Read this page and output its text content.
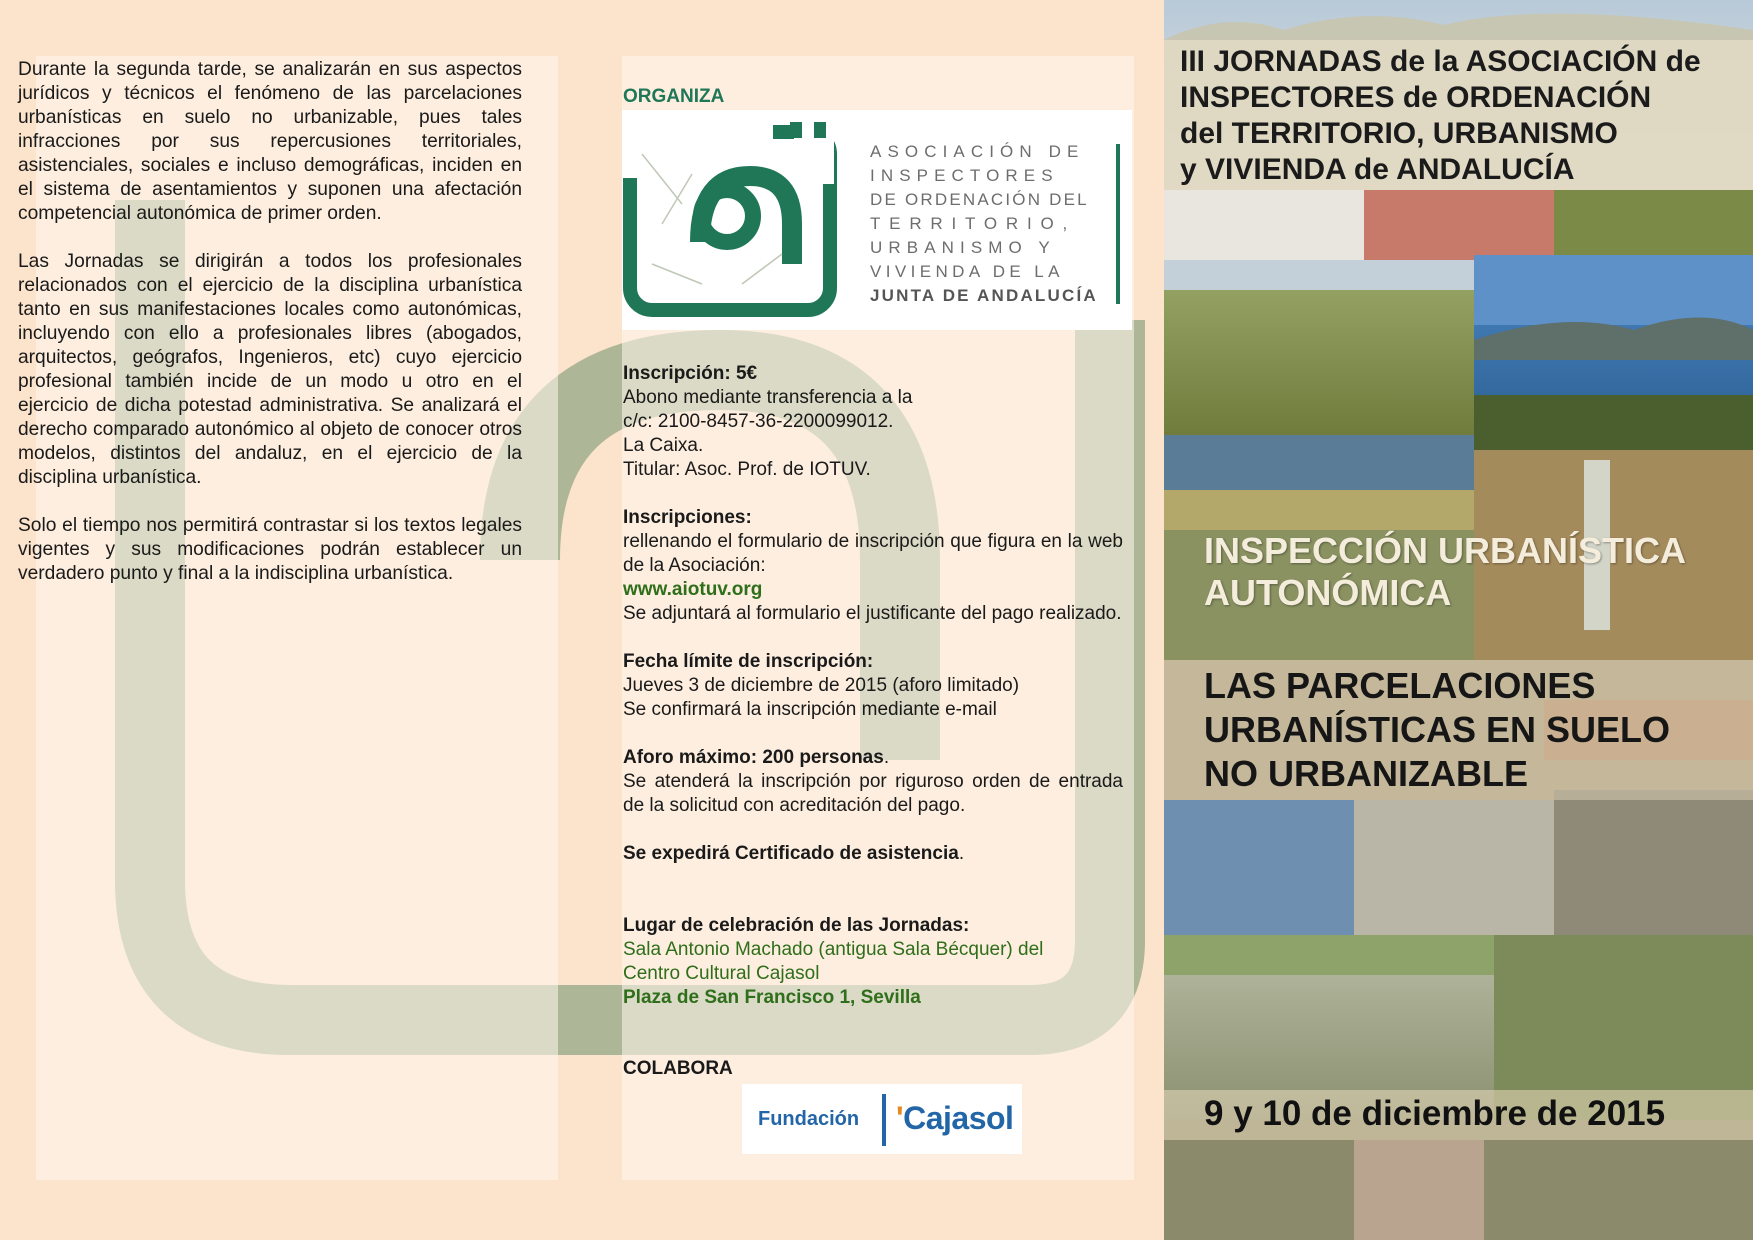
Durante la segunda tarde, se analizarán en sus aspectos jurídicos y técnicos el fenómeno de las parcelaciones urbanísticas en suelo no urbanizable, pues tales infracciones por sus repercusiones territoriales, asistenciales, sociales e incluso demográficas, inciden en el sistema de asentamientos y suponen una afectación competencial autonómica de primer orden.

Las Jornadas se dirigirán a todos los profesionales relacionados con el ejercicio de la disciplina urbanística tanto en sus manifestaciones locales como autonómicas, incluyendo con ello a profesionales libres (abogados, arquitectos, geógrafos, Ingenieros, etc) cuyo ejercicio profesional también incide de un modo u otro en el ejercicio de dicha potestad administrativa. Se analizará el derecho comparado autonómico al objeto de conocer otros modelos, distintos del andaluz, en el ejercicio de la disciplina urbanística.

Solo el tiempo nos permitirá contrastar si los textos legales vigentes y sus modificaciones podrán establecer un verdadero punto y final a la indisciplina urbanística.

ORGANIZA
ASOCIACIÓN DE
INSPECTORES
DE ORDENACIÓN DEL
TERRITORIO,
URBANISMO Y
VIVIENDA DE LA
JUNTA DE ANDALUCÍA
Inscripción: 5€
Abono mediante transferencia a la
c/c: 2100-8457-36-2200099012.
La Caixa.
Titular: Asoc. Prof. de IOTUV.
Inscripciones:
rellenando el formulario de inscripción que figura en la web de la Asociación:
www.aiotuv.org
Se adjuntará al formulario el justificante del pago realizado.
Fecha límite de inscripción:
Jueves 3 de diciembre de 2015 (aforo limitado)
Se confirmará la inscripción mediante e-mail
Aforo máximo: 200 personas.
Se atenderá la inscripción por riguroso orden de entrada de la solicitud con acreditación del pago.
Se expedirá Certificado de asistencia.
Lugar de celebración de las Jornadas:
Sala Antonio Machado (antigua Sala Bécquer) del Centro Cultural Cajasol
Plaza de San Francisco 1, Sevilla
COLABORA
Fundación 'Cajasol
III JORNADAS de la ASOCIACIÓN de
INSPECTORES de ORDENACIÓN
del TERRITORIO, URBANISMO
y VIVIENDA de ANDALUCÍA
INSPECCIÓN URBANÍSTICA
AUTONÓMICA
LAS PARCELACIONES
URBANÍSTICAS EN SUELO
NO URBANIZABLE
9 y 10 de diciembre de 2015
